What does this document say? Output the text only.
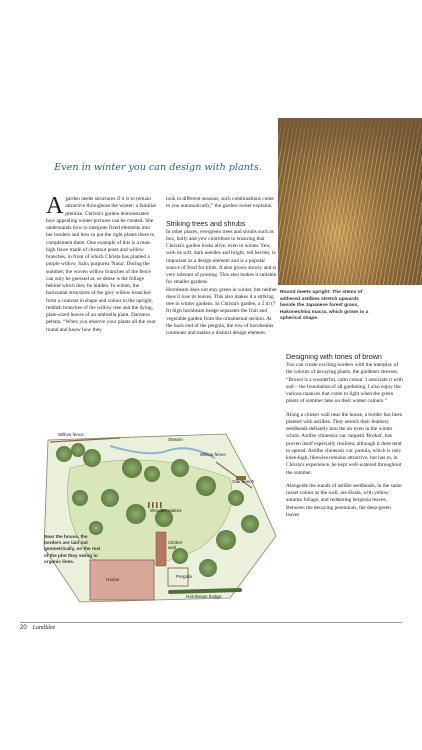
Round meets upright: The stems of withered astilbes stretch upwards beside the Japanese forest grass, Hakonechloa macra, which grows in a spherical shape.
Even in winter you can design with plants.
A garden needs structures if it is to remain attractive throughout the winter: a familiar premise. Christa's garden demonstrates how appealing winter pictures can be created. She understands how to integrate fixed elements into her borders and how to put the right plants there to complement them. One example of this is a man-high fence made of chestnut posts and willow branches, in front of which Christa has planted a purple willow, Salix purpurea 'Nana'. During the summer, the woven willow branches of the fence can only be guessed at, so dense is the foliage behind which they lie hidden. In winter, the horizontal structures of the grey willow branches form a contrast in shape and colour to the upright, reddish branches of the willow tree and the dying, plate-sized leaves of an umbrella plant, Darmera peltata. “When you observe your plants all the year round and know how they

look in different seasons, such combinations come to you automatically,” the garden owner explains.

Striking trees and shrubs

In other places, evergreen trees and shrubs such as box, holly and yew contribute to ensuring that Christa's garden looks alive, even in winter. Yew, with its soft, dark needles and bright, red berries, is important as a design element and is a popular source of food for birds. It also grows slowly and is very tolerant of pruning. This also makes it suitable for smaller gardens.

Hornbeam does not stay green in winter, but neither does it lose its leaves. This also makes it a striking tree in winter gardens. In Christa's garden, a 2 m (7 ft) high hornbeam hedge separates the fruit and vegetable garden from the ornamental section. At the back end of the pergola, the row of hornbeams continues and makes a distinct design element.

Designing with tones of brown

You can create exciting borders with the interplay of the colours of decaying plants, the gardener stresses. “Brown is a wonderful, calm colour. I associate it with soil – the foundation of all gardening. I also enjoy the various nuances that come to light when the green plants of summer take on their winter colours.”

Along a clinker wall near the house, a border has been planted with astilbes. They stretch their feathery seedheads defiantly into the air even in the winter winds. Astilbe chinensis var. taquetii 'Brokat', has proven itself especially resilient, although it does tend to spread. Astilbe chinensis var. pumila, which is only knee-high, likewise remains attractive, but has to, in Christa's experience, be kept well-watered throughout the summer.

Alongside the stands of astilbe seedheads, in the same russet colour as the wall, are Hosta, with yellow autumn foliage, and reddening bergenia leaves. Between the decaying perennials, the deep-green leaves

Willow fence
Stream
Willow fence
Oak bench
Wooden stakes
Clinker wall
House
Pergola
Hornbeam hedge
Near the house, the borders are laid out geometrically, on the rest of the plot they swing in organic lines.
20 LandIdee
